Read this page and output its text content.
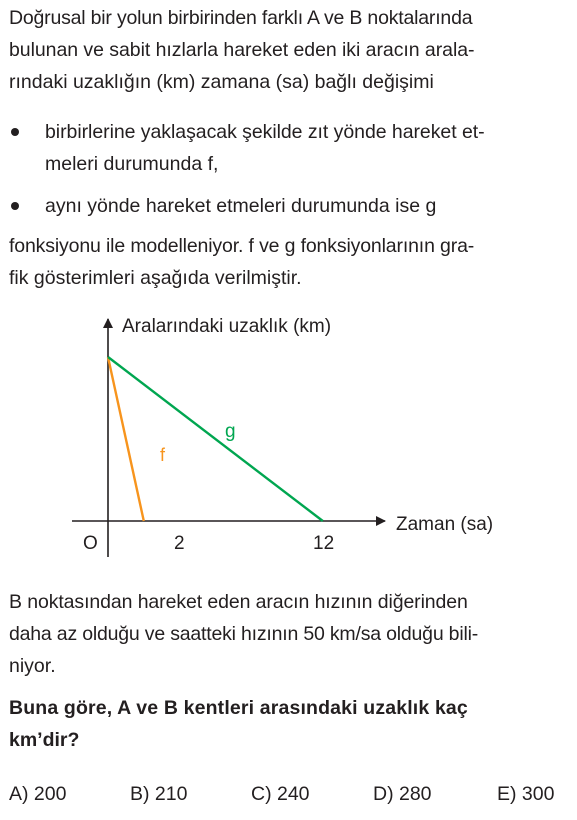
Doğrusal bir yolun birbirinden farklı A ve B noktalarında
bulunan ve sabit hızlarla hareket eden iki aracın arala-
rındaki uzaklığın (km) zamana (sa) bağlı değişimi
birbirlerine yaklaşacak şekilde zıt yönde hareket et-
meleri durumunda f,
aynı yönde hareket etmeleri durumunda ise g
fonksiyonu ile modelleniyor. f ve g fonksiyonlarının gra-
fik gösterimleri aşağıda verilmiştir.
Aralarındaki uzaklık (km)
Zaman (sa)
O	2	12
f
g
B noktasından hareket eden aracın hızının diğerinden
daha az olduğu ve saatteki hızının 50 km/sa olduğu bili-
niyor.
Buna göre, A ve B kentleri arasındaki uzaklık kaç
km’dir?
A) 200	B) 210	C) 240	D) 280	E) 300
